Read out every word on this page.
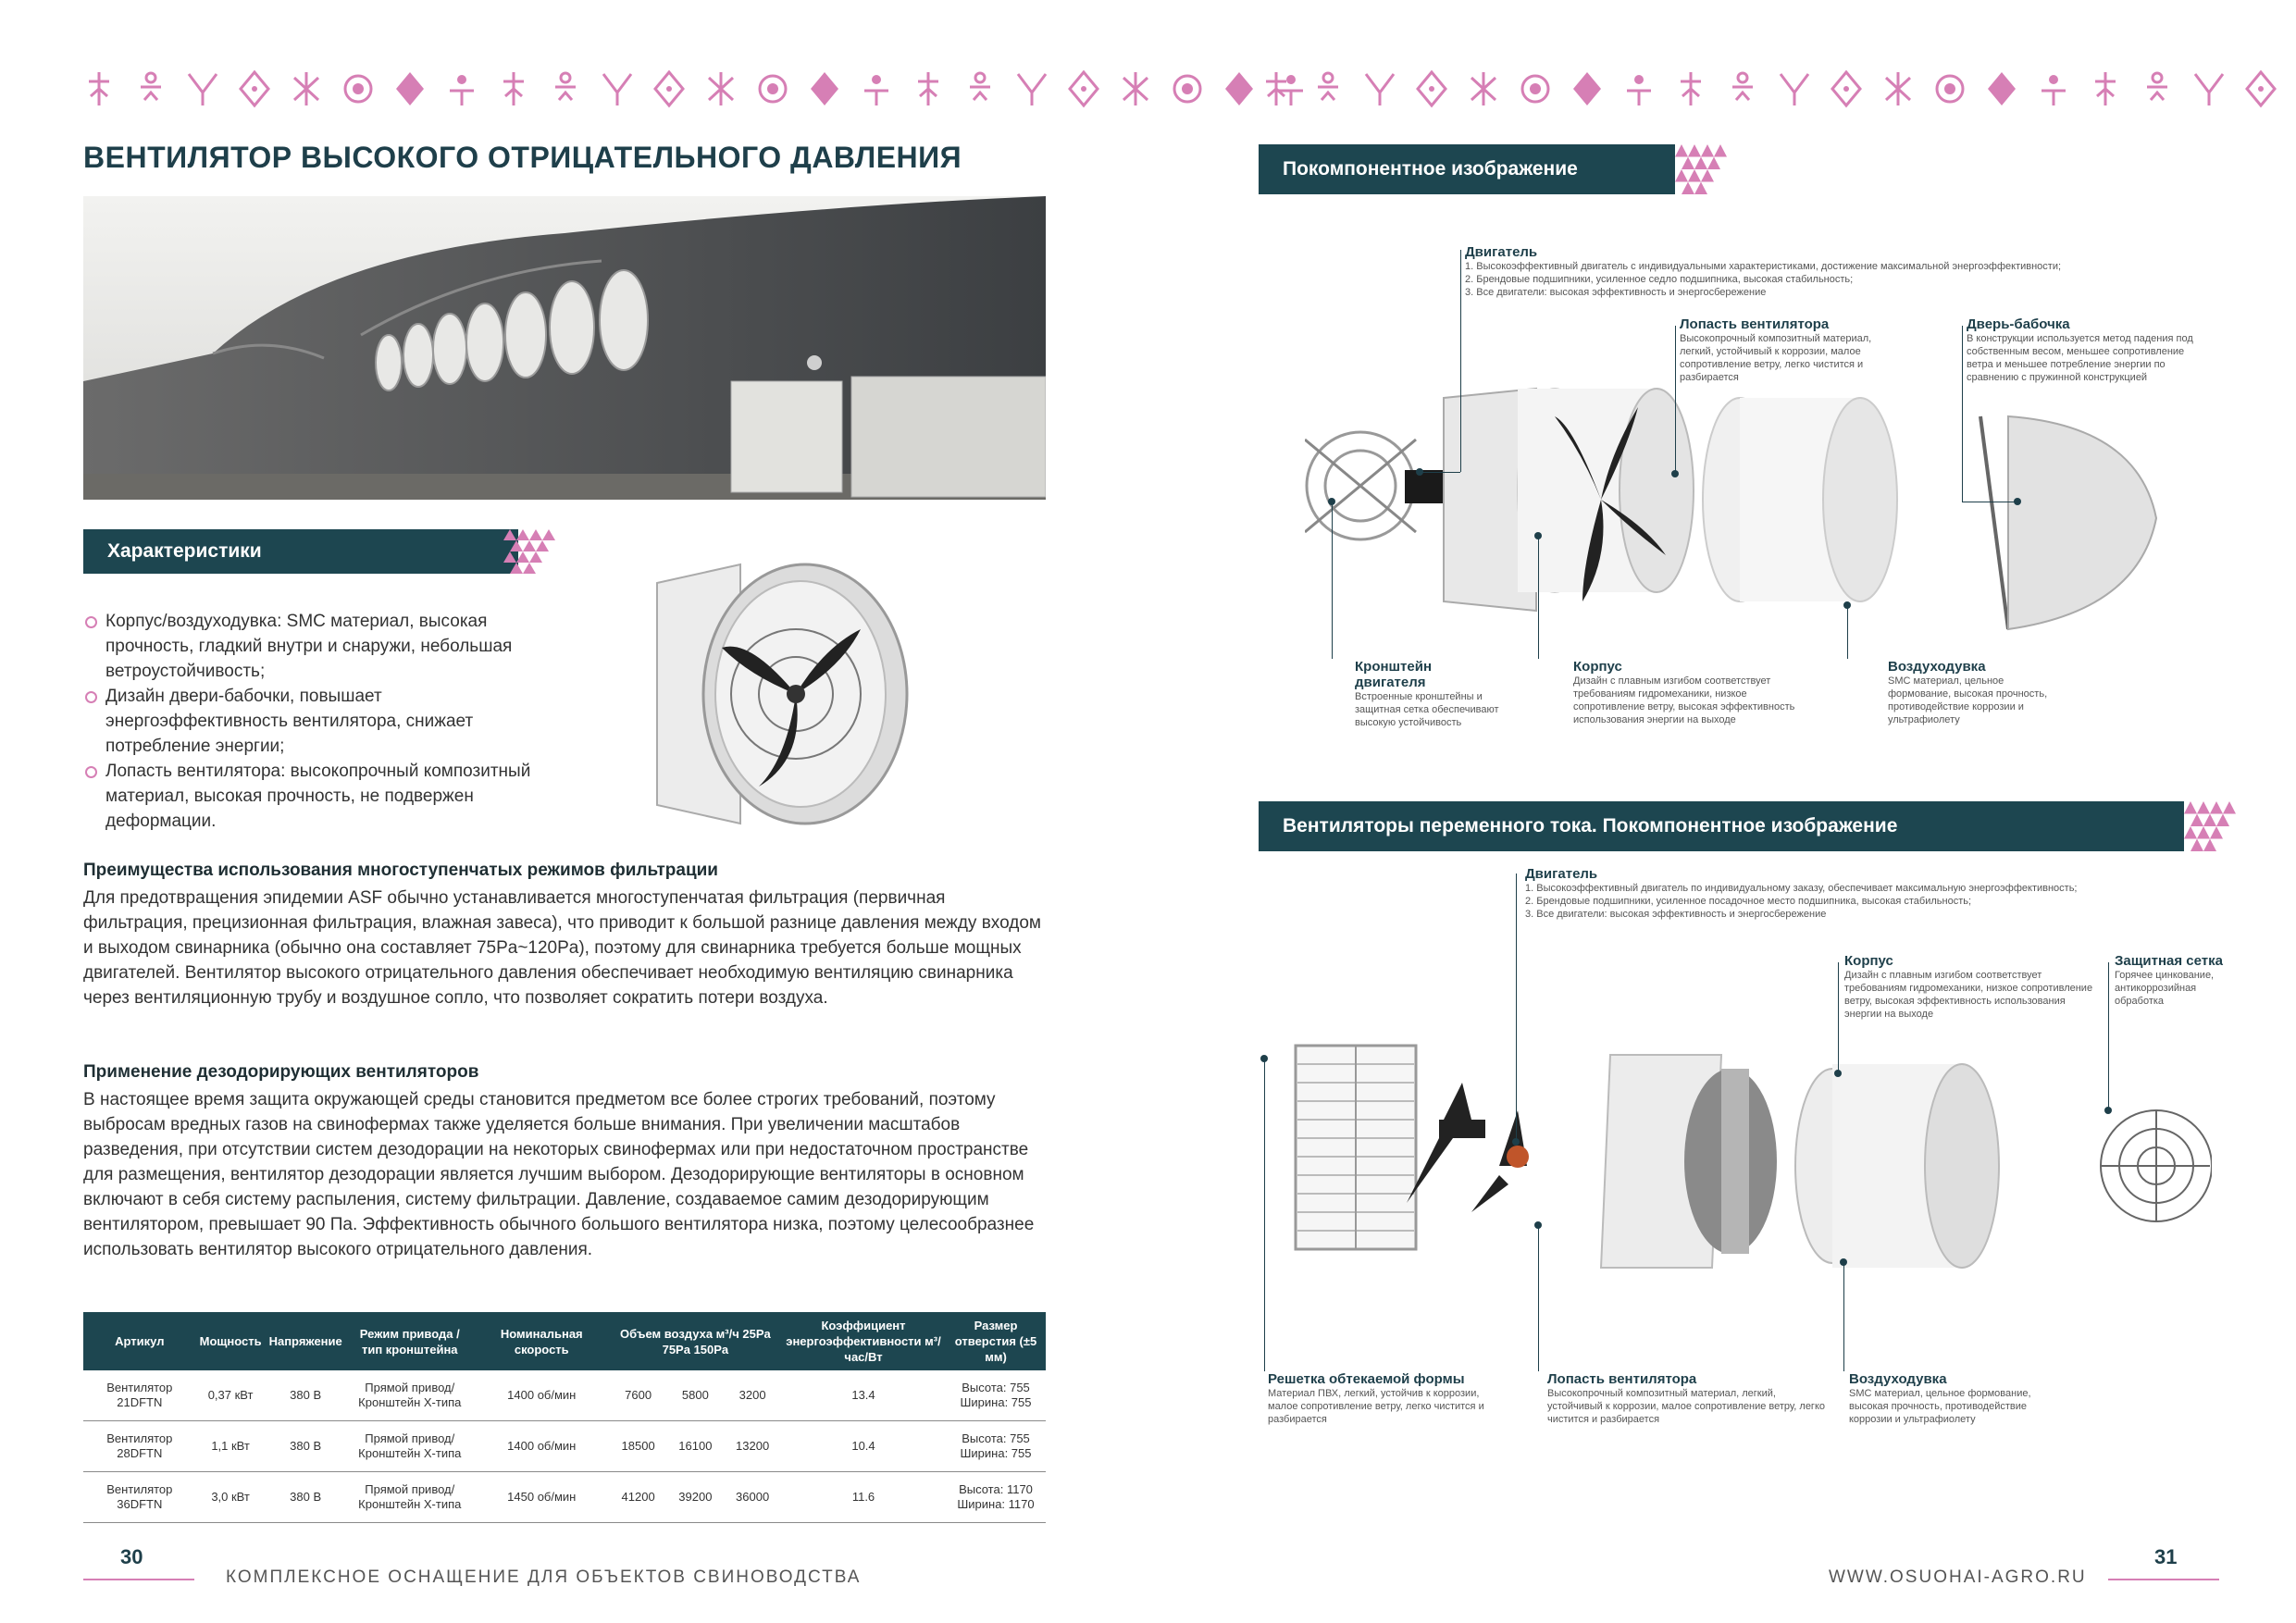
ВЕНТИЛЯТОР ВЫСОКОГО ОТРИЦАТЕЛЬНОГО ДАВЛЕНИЯ
Характеристики
Корпус/воздуходувка: SMC материал, высокая прочность, гладкий внутри и снаружи, небольшая ветроустойчивость;
Дизайн двери-бабочки, повышает энергоэффективность вентилятора, снижает потребление энергии;
Лопасть вентилятора: высокопрочный композитный материал, высокая прочность, не подвержен деформации.
Преимущества использования многоступенчатых режимов фильтрации
Для предотвращения эпидемии ASF обычно устанавливается многоступенчатая фильтрация (первичная фильтрация, прецизионная фильтрация, влажная завеса), что приводит к большой разнице давления между входом и выходом свинарника (обычно она составляет 75Pa~120Pa), поэтому для свинарника требуется больше мощных двигателей. Вентилятор высокого отрицательного давления обеспечивает необходимую вентиляцию свинарника через вентиляционную трубу и воздушное сопло, что позволяет сократить потери воздуха.
Применение дезодорирующих вентиляторов
В настоящее время защита окружающей среды становится предметом все более строгих требований, поэтому выбросам вредных газов на свинофермах также уделяется больше внимания. При увеличении масштабов разведения, при отсутствии систем дезодорации на некоторых свинофермах или при недостаточном пространстве для размещения, вентилятор дезодорации является лучшим выбором. Дезодорирующие вентиляторы в основном включают в себя систему распыления, систему фильтрации. Давление, создаваемое самим дезодорирующим вентилятором, превышает 90 Па. Эффективность обычного большого вентилятора низка, поэтому целесообразнее использовать вентилятор высокого отрицательного давления.
Артикул	Мощность	Напряжение	Режим привода / тип кронштейна	Номинальная скорость	Объем воздуха м³/ч 25Pa 75Pa 150Pa			Коэффициент энергоэффективности м³/час/Вт	Размер отверстия (±5 мм)
Вентилятор 21DFTN	0,37 кВт	380 В	Прямой привод/ Кронштейн Х-типа	1400 об/мин	7600	5800	3200	13.4	Высота: 755
Ширина: 755

Вентилятор 28DFTN	1,1 кВт	380 В	Прямой привод/ Кронштейн Х-типа	1400 об/мин	18500	16100	13200	10.4	Высота: 755
Ширина: 755

Вентилятор 36DFTN	3,0 кВт	380 В	Прямой привод/ Кронштейн Х-типа	1450 об/мин	41200	39200	36000	11.6	Высота: 1170
Ширина: 1170
30
КОМПЛЕКСНОЕ ОСНАЩЕНИЕ ДЛЯ ОБЪЕКТОВ СВИНОВОДСТВА
Покомпонентное изображение
Двигатель
1. Высокоэффективный двигатель с индивидуальными характеристиками, достижение максимальной энергоэффективности;
2. Брендовые подшипники, усиленное седло подшипника, высокая стабильность;
3. Все двигатели: высокая эффективность и энергосбережение
Лопасть вентилятора
Высокопрочный композитный материал, легкий, устойчивый к коррозии, малое сопротивление ветру, легко чистится и разбирается
Дверь-бабочка
В конструкции используется метод падения под собственным весом, меньшее сопротивление ветра и меньшее потребление энергии по сравнению с пружинной конструкцией
Кронштейн двигателя
Встроенные кронштейны и защитная сетка обеспечивают высокую устойчивость
Корпус
Дизайн с плавным изгибом соответствует требованиям гидромеханики, низкое сопротивление ветру, высокая эффективность использования энергии на выходе
Воздуходувка
SMC материал, цельное формование, высокая прочность, противодействие коррозии и ультрафиолету
Вентиляторы переменного тока. Покомпонентное изображение
Двигатель
1. Высокоэффективный двигатель по индивидуальному заказу, обеспечивает максимальную энергоэффективность;
2. Брендовые подшипники, усиленное посадочное место подшипника, высокая стабильность;
3. Все двигатели: высокая эффективность и энергосбережение
Корпус
Дизайн с плавным изгибом соответствует требованиям гидромеханики, низкое сопротивление ветру, высокая эффективность использования энергии на выходе
Защитная сетка
Горячее цинкование, антикоррозийная обработка
Решетка обтекаемой формы
Материал ПВХ, легкий, устойчив к коррозии, малое сопротивление ветру, легко чистится и разбирается
Лопасть вентилятора
Высокопрочный композитный материал, легкий, устойчивый к коррозии, малое сопротивление ветру, легко чистится и разбирается
Воздуходувка
SMC материал, цельное формование, высокая прочность, противодействие коррозии и ультрафиолету
WWW.OSUOHAI-AGRO.RU
31
